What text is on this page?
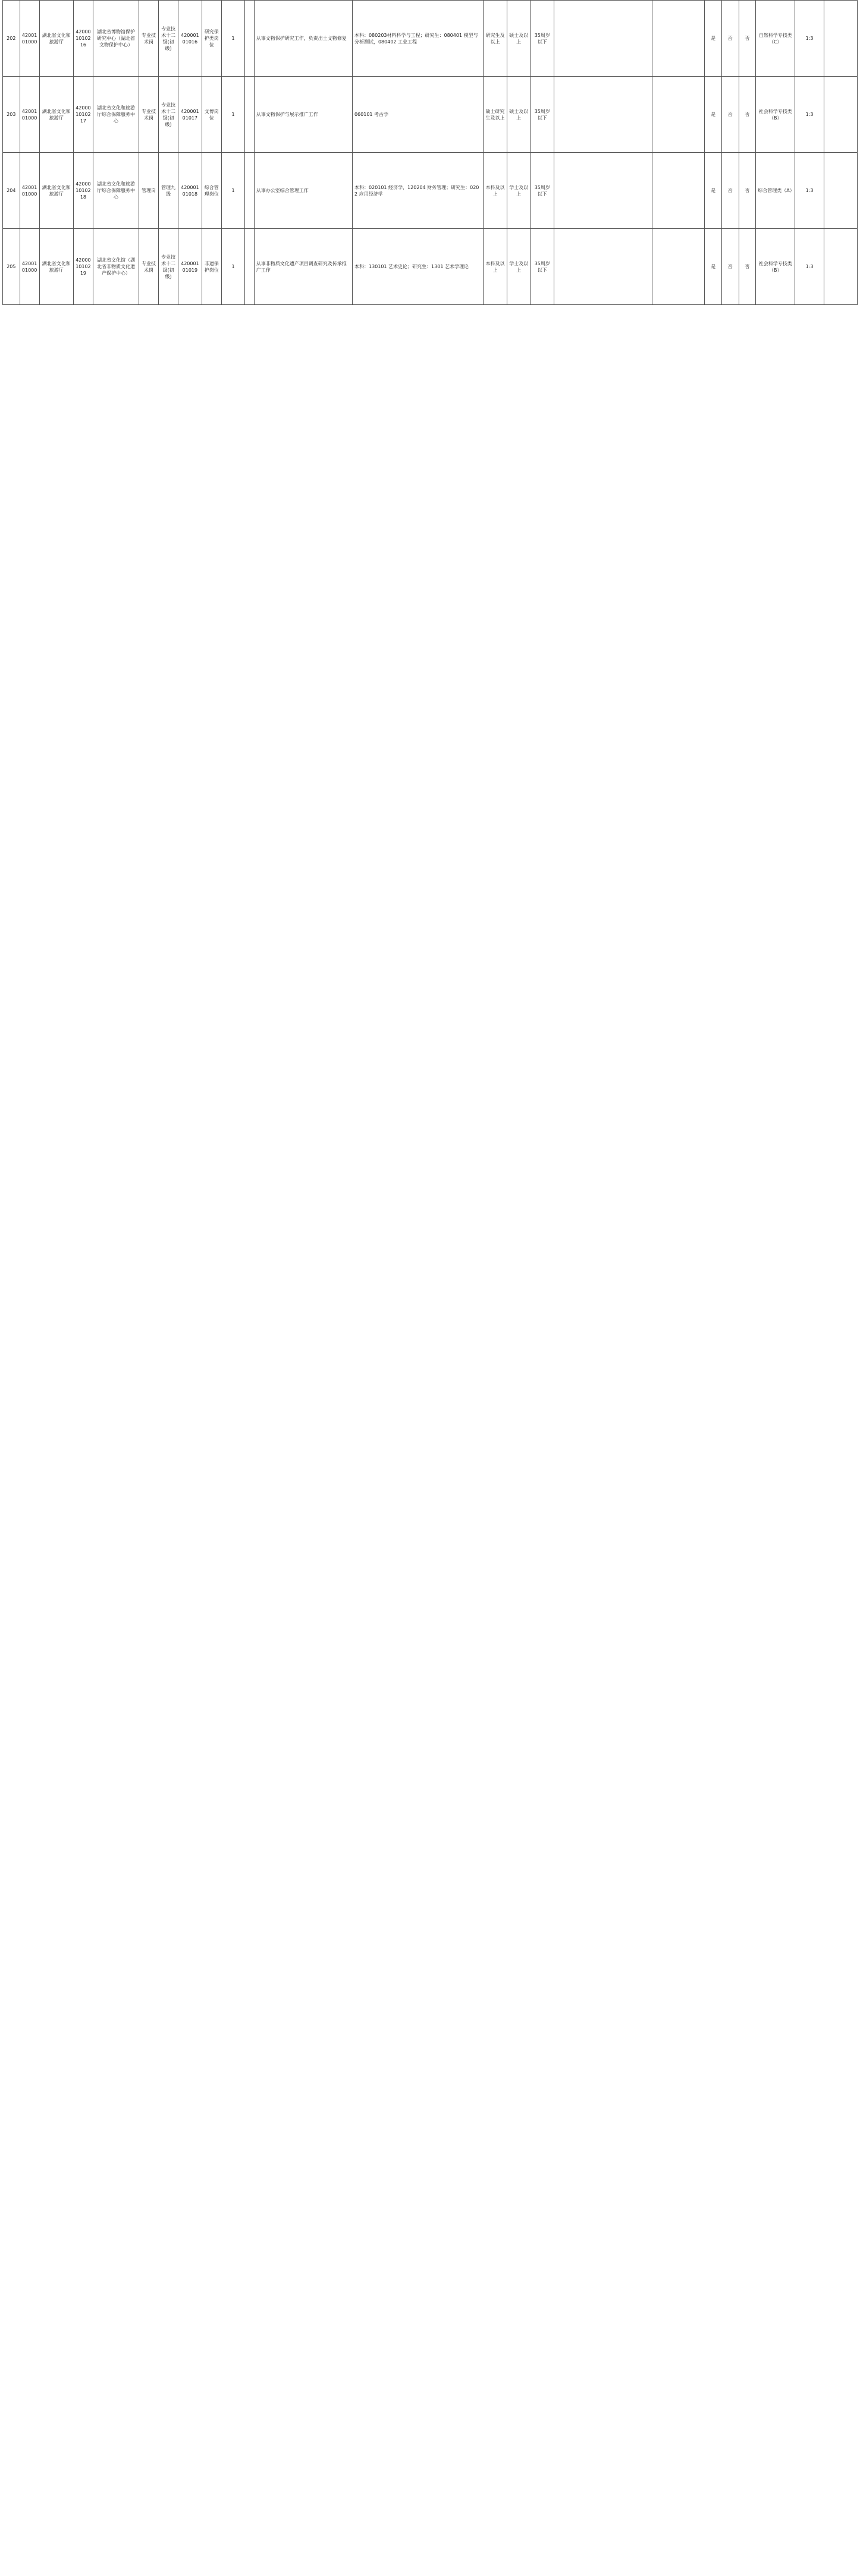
202	4200101000	湖北省文化和旅游厅	420001010216	湖北省博物馆保护研究中心（湖北省文物保护中心）	专业技术岗	专业技术十二级(初级)	42000101016	研究保护类岗位	1		从事文物保护研究工作，负责出土文物修复	本科：080203材料科学与工程；研究生：080401 模型与分析测试，080402 工业工程	研究生及以上	硕士及以上	35周岁以下			是	否	否	自然科学专技类（C）	1:3	
203	4200101000	湖北省文化和旅游厅	420001010217	湖北省文化和旅游厅综合保障服务中心	专业技术岗	专业技术十二级(初级)	42000101017	文博岗位	1		从事文物保护与展示推广工作	060101 考古学	硕士研究生及以上	硕士及以上	35周岁以下			是	否	否	社会科学专技类（B）	1:3	
204	4200101000	湖北省文化和旅游厅	420001010218	湖北省文化和旅游厅综合保障服务中心	管理岗	管理九级	42000101018	综合管理岗位	1		从事办公室综合管理工作	本科：020101 经济学，120204 财务管理；研究生：0202 应用经济学	本科及以上	学士及以上	35周岁以下			是	否	否	综合管理类（A）	1:3	
205	4200101000	湖北省文化和旅游厅	420001010219	湖北省文化馆（湖北省非物质文化遗产保护中心）	专业技术岗	专业技术十二级(初级)	42000101019	非遗保护岗位	1		从事非物质文化遗产项目调查研究及传承推广工作	本科：130101 艺术史论；研究生：1301 艺术学理论	本科及以上	学士及以上	35周岁以下			是	否	否	社会科学专技类（B）	1:3	
